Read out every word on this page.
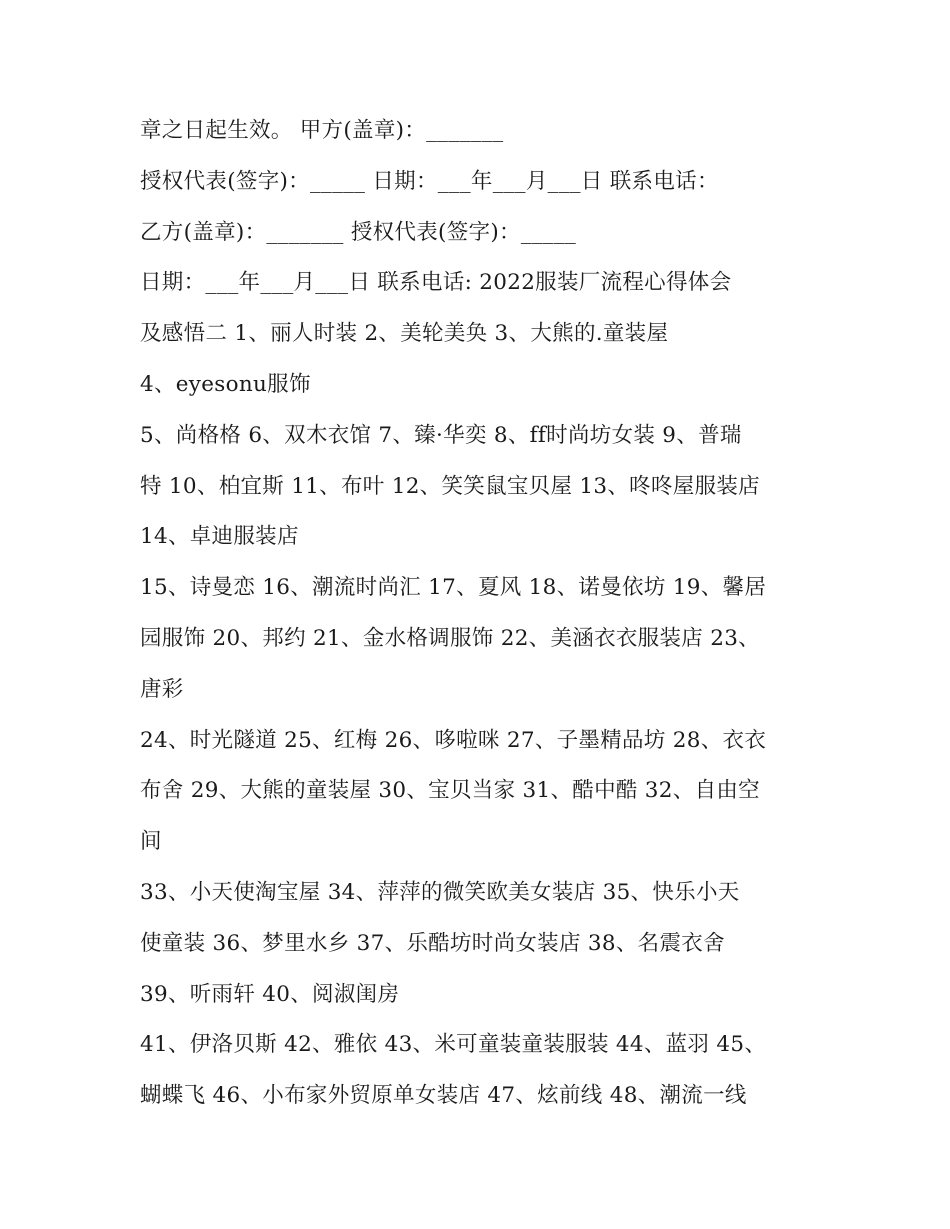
章之日起生效。 甲方(盖章)：_______
授权代表(签字)：_____ 日期：___年___月___日 联系电话：
乙方(盖章)：_______ 授权代表(签字)：_____
日期：___年___月___日 联系电话: 2022服装厂流程心得体会
及感悟二 1、丽人时装 2、美轮美奂 3、大熊的.童装屋
4、eyesonu服饰
5、尚格格 6、双木衣馆 7、臻·华奕 8、ff时尚坊女装 9、普瑞
特 10、柏宜斯 11、布叶 12、笑笑鼠宝贝屋 13、咚咚屋服装店
14、卓迪服装店
15、诗曼恋 16、潮流时尚汇 17、夏风 18、诺曼依坊 19、馨居
园服饰 20、邦约 21、金水格调服饰 22、美涵衣衣服装店 23、
唐彩
24、时光隧道 25、红梅 26、哆啦咪 27、子墨精品坊 28、衣衣
布舍 29、大熊的童装屋 30、宝贝当家 31、酷中酷 32、自由空
间
33、小天使淘宝屋 34、萍萍的微笑欧美女装店 35、快乐小天
使童装 36、梦里水乡 37、乐酷坊时尚女装店 38、名震衣舍
39、听雨轩 40、阅淑闺房
41、伊洛贝斯 42、雅依 43、米可童装童装服装 44、蓝羽 45、
蝴蝶飞 46、小布家外贸原单女装店 47、炫前线 48、潮流一线
